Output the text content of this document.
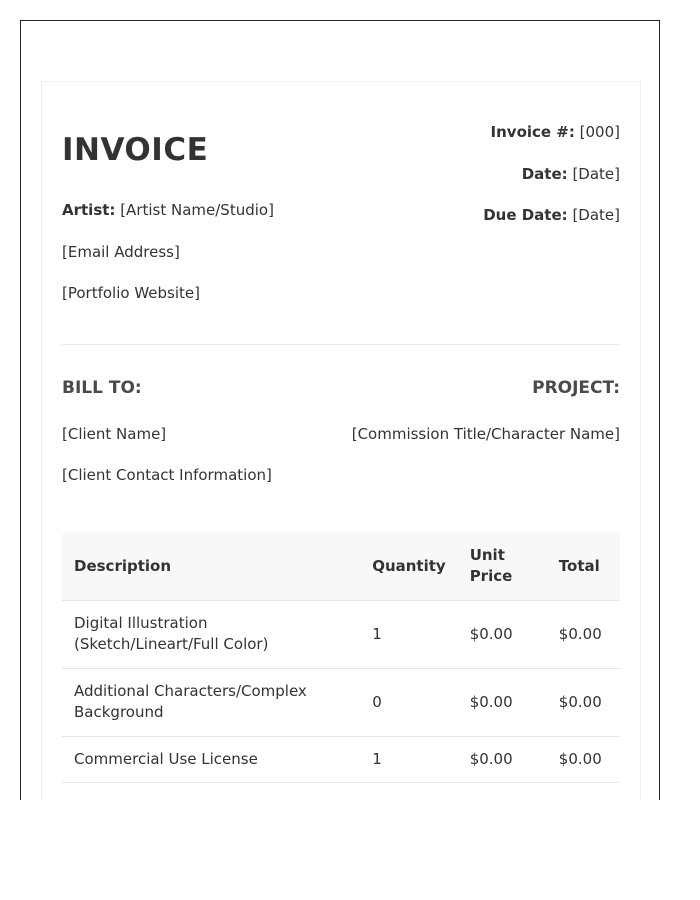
INVOICE
Artist: [Artist Name/Studio]
[Email Address]
[Portfolio Website]
Invoice #: [000]
Date: [Date]
Due Date: [Date]
BILL TO:
[Client Name]
[Client Contact Information]
PROJECT:
[Commission Title/Character Name]
Description	Quantity	Unit Price	Total
Digital Illustration (Sketch/Lineart/Full Color)	1	$0.00	$0.00
Additional Characters/Complex Background	0	$0.00	$0.00
Commercial Use License	1	$0.00	$0.00
